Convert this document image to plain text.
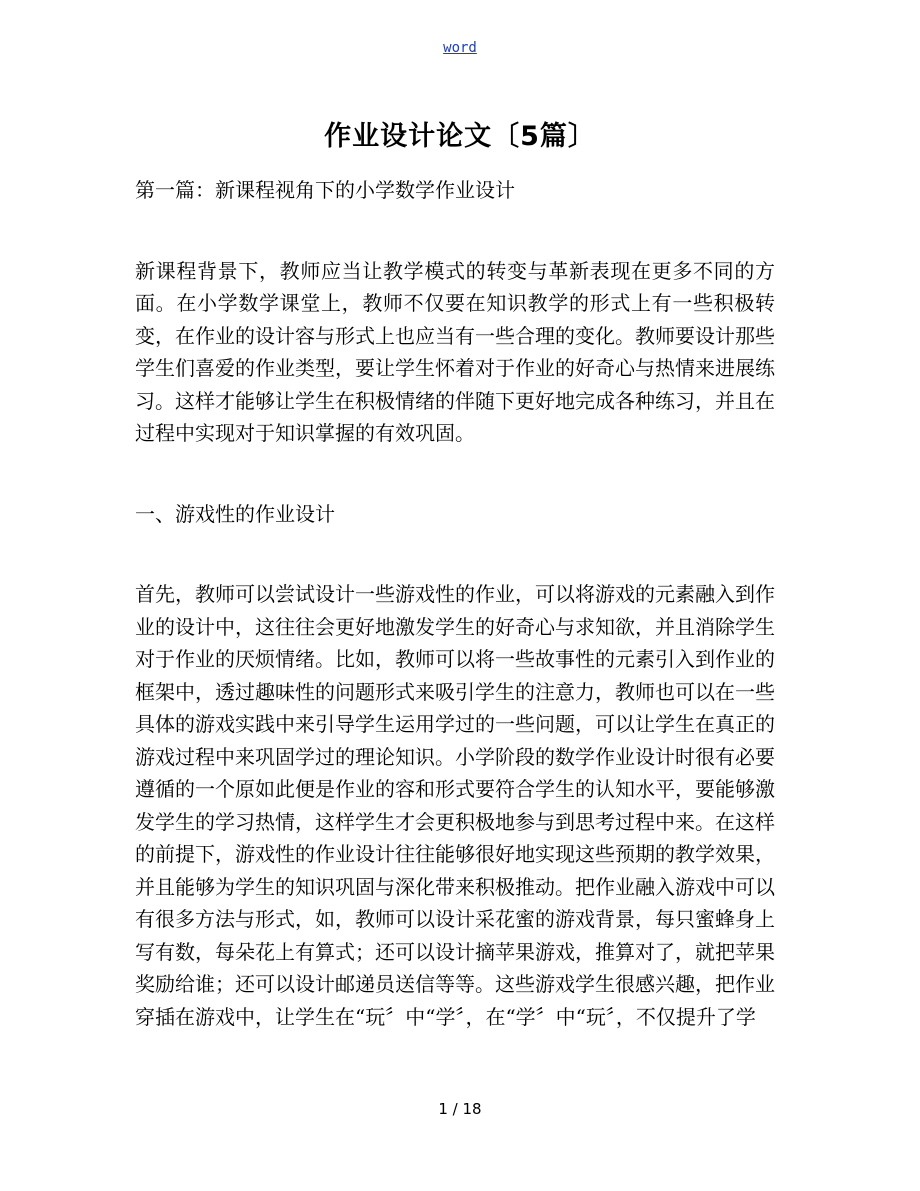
word
作业设计论文〔5篇〕

第一篇：新课程视角下的小学数学作业设计

新课程背景下，教师应当让教学模式的转变与革新表现在更多不同的方面。在小学数学课堂上，教师不仅要在知识教学的形式上有一些积极转变，在作业的设计容与形式上也应当有一些合理的变化。教师要设计那些学生们喜爱的作业类型，要让学生怀着对于作业的好奇心与热情来进展练习。这样才能够让学生在积极情绪的伴随下更好地完成各种练习，并且在过程中实现对于知识掌握的有效巩固。

一、游戏性的作业设计

首先，教师可以尝试设计一些游戏性的作业，可以将游戏的元素融入到作业的设计中，这往往会更好地激发学生的好奇心与求知欲，并且消除学生对于作业的厌烦情绪。比如，教师可以将一些故事性的元素引入到作业的框架中，透过趣味性的问题形式来吸引学生的注意力，教师也可以在一些具体的游戏实践中来引导学生运用学过的一些问题，可以让学生在真正的游戏过程中来巩固学过的理论知识。小学阶段的数学作业设计时很有必要遵循的一个原如此便是作业的容和形式要符合学生的认知水平，要能够激发学生的学习热情，这样学生才会更积极地参与到思考过程中来。在这样的前提下，游戏性的作业设计往往能够很好地实现这些预期的教学效果，并且能够为学生的知识巩固与深化带来积极推动。把作业融入游戏中可以有很多方法与形式，如，教师可以设计采花蜜的游戏背景，每只蜜蜂身上写有数，每朵花上有算式；还可以设计摘苹果游戏，推算对了，就把苹果奖励给谁；还可以设计邮递员送信等等。这些游戏学生很感兴趣，把作业穿插在游戏中，让学生在“玩〞中“学〞，在“学〞中“玩〞，不仅提升了学

1 / 18
